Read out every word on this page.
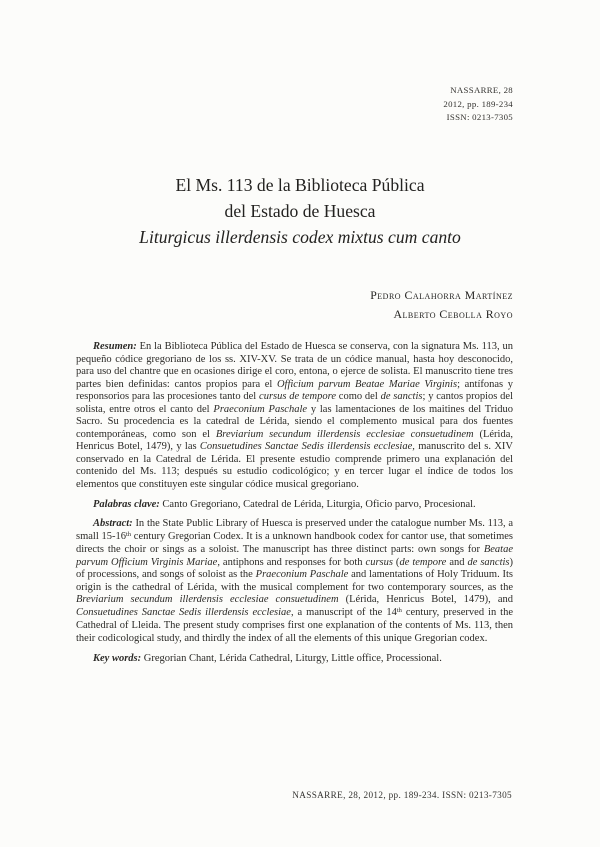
NASSARRE, 28
2012, pp. 189-234
ISSN: 0213-7305
El Ms. 113 de la Biblioteca Pública
del Estado de Huesca
Liturgicus illerdensis codex mixtus cum canto
Pedro Calahorra Martínez
Alberto Cebolla Royo

Resumen: En la Biblioteca Pública del Estado de Huesca se conserva, con la signatura Ms. 113, un pequeño códice gregoriano de los ss. XIV-XV. Se trata de un códice manual, hasta hoy desconocido, para uso del chantre que en ocasiones dirige el coro, entona, o ejerce de solista. El manuscrito tiene tres partes bien definidas: cantos propios para el Officium parvum Beatae Mariae Virginis; antífonas y responsorios para las procesiones tanto del cursus de tempore como del de sanctis; y cantos propios del solista, entre otros el canto del Praeconium Paschale y las lamentaciones de los maitines del Triduo Sacro. Su procedencia es la catedral de Lérida, siendo el complemento musical para dos fuentes contemporáneas, como son el Breviarium secundum illerdensis ecclesiae consuetudinem (Lérida, Henricus Botel, 1479), y las Consuetudines Sanctae Sedis illerdensis ecclesiae, manuscrito del s. XIV conservado en la Catedral de Lérida. El presente estudio comprende primero una explanación del contenido del Ms. 113; después su estudio codicológico; y en tercer lugar el índice de todos los elementos que constituyen este singular códice musical gregoriano.

Palabras clave: Canto Gregoriano, Catedral de Lérida, Liturgia, Oficio parvo, Procesional.

Abstract: In the State Public Library of Huesca is preserved under the catalogue number Ms. 113, a small 15-16th century Gregorian Codex. It is a unknown handbook codex for cantor use, that sometimes directs the choir or sings as a soloist. The manuscript has three distinct parts: own songs for Beatae parvum Officium Virginis Mariae, antiphons and responses for both cursus (de tempore and de sanctis) of processions, and songs of soloist as the Praeconium Paschale and lamentations of Holy Triduum. Its origin is the cathedral of Lérida, with the musical complement for two contemporary sources, as the Breviarium secundum illerdensis ecclesiae consuetudinem (Lérida, Henricus Botel, 1479), and Consuetudines Sanctae Sedis illerdensis ecclesiae, a manuscript of the 14th century, preserved in the Cathedral of Lleida. The present study comprises first one explanation of the contents of Ms. 113, then their codicological study, and thirdly the index of all the elements of this unique Gregorian codex.

Key words: Gregorian Chant, Lérida Cathedral, Liturgy, Little office, Processional.

NASSARRE, 28, 2012, pp. 189-234. ISSN: 0213-7305
